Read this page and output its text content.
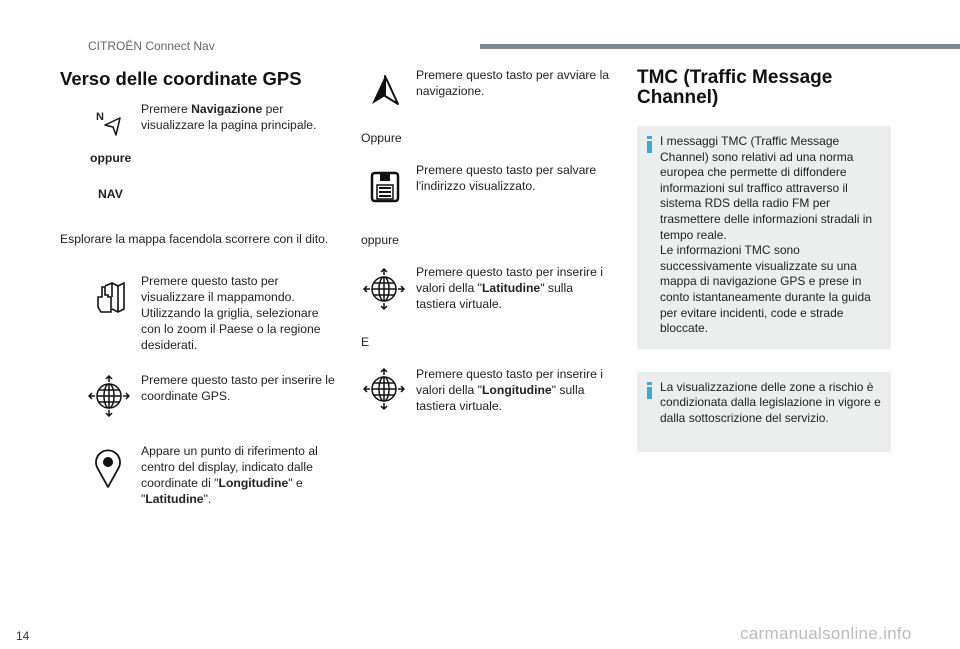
CITROËN Connect Nav
Verso delle coordinate GPS
N
Premere Navigazione per visualizzare la pagina principale.
oppure
NAV
Esplorare la mappa facendola scorrere con il dito.
Premere questo tasto per visualizzare il mappamondo. Utilizzando la griglia, selezionare con lo zoom il Paese o la regione desiderati.
Premere questo tasto per inserire le coordinate GPS.
Appare un punto di riferimento al centro del display, indicato dalle coordinate di "Longitudine" e "Latitudine".
Premere questo tasto per avviare la navigazione.
Oppure
Premere questo tasto per salvare l'indirizzo visualizzato.
oppure
Premere questo tasto per inserire i valori della "Latitudine" sulla tastiera virtuale.
E
Premere questo tasto per inserire i valori della "Longitudine" sulla tastiera virtuale.
TMC (Traffic Message Channel)

I messaggi TMC (Traffic Message Channel) sono relativi ad una norma europea che permette di diffondere informazioni sul traffico attraverso il sistema RDS della radio FM per trasmettere delle informazioni stradali in tempo reale.

Le informazioni TMC sono successivamente visualizzate su una mappa di navigazione GPS e prese in conto istantaneamente durante la guida per evitare incidenti, code e strade bloccate.

La visualizzazione delle zone a rischio è condizionata dalla legislazione in vigore e dalla sottoscrizione del servizio.
14	carmanualsonline.info
